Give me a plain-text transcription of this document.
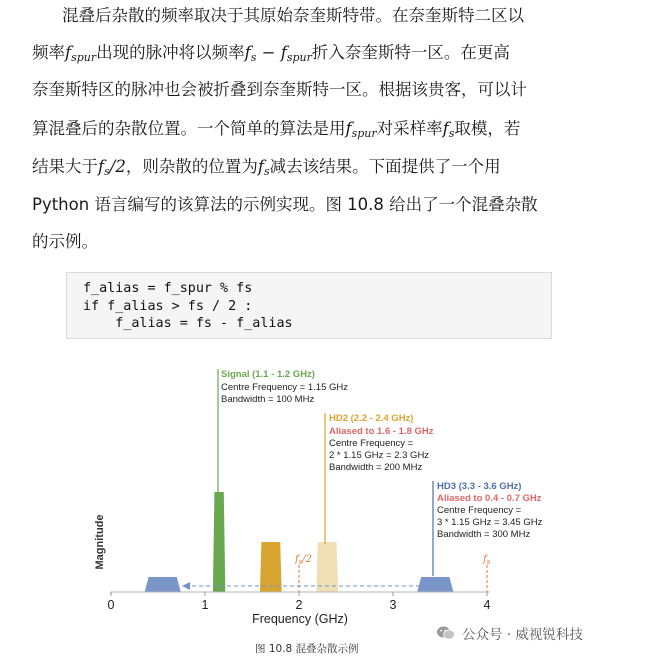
混叠后杂散的频率取决于其原始奈奎斯特带。在奈奎斯特二区以
频率$f_{spur}$出现的脉冲将以频率$f_s - f_{spur}$折入奈奎斯特一区。在更高
奈奎斯特区的脉冲也会被折叠到奈奎斯特一区。根据该贵客，可以计
算混叠后的杂散位置。一个简单的算法是用$f_{spur}$对采样率$f_s$取模，若
结果大于$f_s/2$，则杂散的位置为$f_s$减去该结果。下面提供了一个用
Python 语言编写的该算法的示例实现。图 10.8 给出了一个混叠杂散
的示例。
f_alias = f_spur % fs
if f_alias > fs / 2 :
f_alias = fs - f_alias
$f_s/2$	$f_s$
0	1	2	3	4
Frequency (GHz)
Magnitude
Signal (1.1 - 1.2 GHz)
Centre Frequency = 1.15 GHz
Bandwidth = 100 MHz
HD2 (2.2 - 2.4 GHz)
Aliased to 1.6 - 1.8 GHz
Centre Frequency =
2 * 1.15 GHz = 2.3 GHz
Bandwidth = 200 MHz
HD3 (3.3 - 3.6 GHz)
Aliased to 0.4 - 0.7 GHz
Centre Frequency =
3 * 1.15 GHz = 3.45 GHz
Bandwidth = 300 MHz
公众号 · 威视锐科技
图 10.8 混叠杂散示例
